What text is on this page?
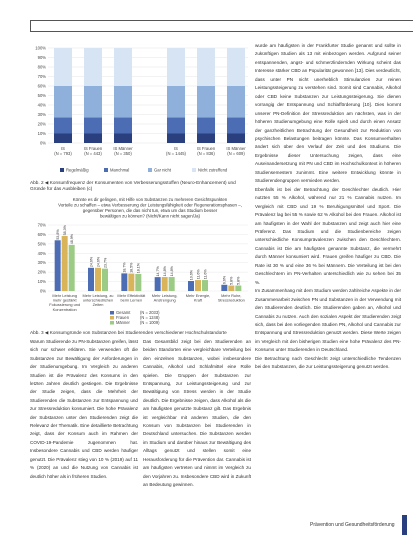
100%
90%
80%
70%
60%
50%
40%
30%
20%
10%
0%
IS
(N = 793)
IS Frauen
(N = 443)
IS Männer
(N = 350)
IS
(N = 1445)
IS Frauen
(N = 836)
IS Männer
(N = 609)
Regelmäßig	Manchmal	Gar nicht	Nicht zutreffend
Abb. 2 ◀ Konsumfrequenz der Konsumenten von Verbesserungsstoffen (Neuro-Enhancement) und Gründe für das Ausbleiben (c)
Könnte es dir gelingen, mit Hilfe von Substanzen zu mehreren Gesichtspunkten
Vorteile zu schaffen – etwa Verbesserung der Leistungsfähigkeit oder Regenerationsphasen –,
gegenüber Personen, die das nicht tun, etwa um das Studium besser
bewältigen zu können? (Nicht/Kann nicht sagen/Ja)
70%
60%
50%
40%
30%
20%
10%
0%
53,8% 58,3%
48,9%
24,6% 24,6% 23,7%	18,7% 18,5% 18,1%	14,7% 14,8% 14,8%	10,6% 11,6% 11,6%
6,6% 5,8% 5,8%
Mehr Leistung
mehr gestärkt
Fokussierung und
Konzentration
Mehr Leistung, zu
unterschiedlichen
Zeiten
Mehr Effektivität
beim Lernen
Mehr Leistung,
Anstrengung
Mehr Energie,
Kraft
Mehr Ruhe,
Stressreduktion
Gesamt (N = 2033)
Frauen	(N = 1248)
Männer (N = 1009)
Abb. 3 ◀ Konsumgründe von Substanzen bei Studierenden verschiedener Hochschulstandorte

wurde am häufigsten in der Frankfurter Studie genannt und sollte in zukünftigen Studien als 13 mit einbezogen werden. Aufgrund seiner entspannenden, angst- und schmerzlindernden Wirkung scheint das Interesse stärker CBD an Popularität gewonnen [13]. Dies verdeutlicht, dass unter PN nicht unerheblich Stimulanzien zur reinen Leistungssteigerung zu verstehen sind. Somit sind Cannabis, Alkohol oder CBD keine Substanzen zur Leistungssteigerung. Sie dienen vorrangig der Entspannung und Schlafförderung [10]. Dies kommt unserer PN-Definition der Stressreduktion am nächsten, was in der höheren Studienumgebung eine Rolle spielt und durch einen Ansatz der ganzheitlichen Betrachtung der Gesundheit zur Reduktion von psychischen Belastungen beitragen könnte. Das Konsumverhalten ändert sich über den Verlauf der Zeit und des Studiums. Die Ergebnisse dieser Untersuchung zeigen, dass eine Auseinandersetzung mit PN und CBD im Hochschulkontext in höheren Studiensemestern zunimmt. Eine weitere Entwicklung könnte in Studierendengruppen vermieden werden.

Ebenfalls ist bei der Betrachtung der Geschlechter deutlich. Hier nutzten 55 % Alkohol, während nur 21 % Cannabis nutzen. Im Vergleich mit CBD und 19 % Beruhigungsmittel und Sport. Die Prävalenz lag bei 55 % sowie 62 % Alkohol bei den Frauen. Alkohol ist am häufigsten in der Wahl der Substanzen und zeigt auch hier eine Präferenz. Das Studium und die Studienbereiche zeigen unterschiedliche Konsumprävalenzen zwischen den Geschlechtern. Cannabis ist Die am häufigsten genannte Substanz, die vermehrt durch Männer konsumiert wird. Frauen greifen häufiger zu CBD. Die Rate ist 30 % und eine 36 % bei Männern. Die Verteilung ist bei den Geschlechtern im PN-Verhalten unterschiedlich wie zu sehen bei 35 %.

Im Zusammenhang mit dem Studium werden zahlreiche Aspekte in der Zusammenarbeit zwischen PN und Substanzen in der Verwendung mit den Studierenden deutlich. Die Studierenden gaben an, Alkohol und Cannabis zu nutzen. Auch den sozialen Aspekt der Studierenden zeigt sich, dass bei den vorliegenden Studien PN, Alkohol und Cannabis zur Entspannung und Stressreduktion genutzt werden. Diese Werte zeigen im Vergleich mit den bisherigen Studien eine hohe Prävalenz des PN-Konsums unter Studierenden in Deutschland.

Die Betrachtung nach Geschlecht zeigt unterschiedliche Tendenzen bei den Substanzen, die zur Leistungssteigerung genutzt werden.

Warum Studierende zu PN-Substanzen greifen, lässt sich nur schwer erklären. Sie verwenden oft die Substanzen zur Bewältigung der Anforderungen in der Studienumgebung. Im Vergleich zu anderen Studien ist die Prävalenz des Konsums in den letzten Jahren deutlich gestiegen. Die Ergebnisse der Studie zeigen, dass die Mehrheit der Studierenden die Substanzen zur Entspannung und zur Stressreduktion konsumiert. Die hohe Prävalenz der Substanzen unter den Studierenden zeigt die Relevanz der Thematik. Eine detaillierte Betrachtung zeigt, dass der Konsum auch im Rahmen der COVID-19-Pandemie zugenommen hat. Insbesondere Cannabis und CBD werden häufiger genutzt. Die Prävalenz stieg von 10 % (2019) auf 11 % (2020) an und die Nutzung von Cannabis ist deutlich höher als in früheren Studien.

Das Gesamtbild zeigt bei den Studierenden an beiden Standorten eine vergleichbare Verteilung bei den einzelnen Substanzen, wobei insbesondere Cannabis, Alkohol und Schlafmittel eine Rolle spielen. Die Gruppen der Substanzen zur Entspannung, zur Leistungssteigerung und zur Bewältigung von Stress werden in der Studie deutlich. Die Ergebnisse zeigen, dass Alkohol als die am häufigsten genutzte Substanz gilt. Das Ergebnis ist vergleichbar mit anderen Studien, die den Konsum von Substanzen bei Studierenden in Deutschland untersuchen. Die Substanzen werden im Studium und darüber hinaus zur Bewältigung des Alltags genutzt und stellen somit eine Herausforderung für die Prävention dar. Cannabis ist am häufigsten vertreten und nimmt im Vergleich zu den Vorjahren zu. Insbesondere CBD wird in Zukunft an Bedeutung gewinnen.

Prävention und Gesundheitsförderung
